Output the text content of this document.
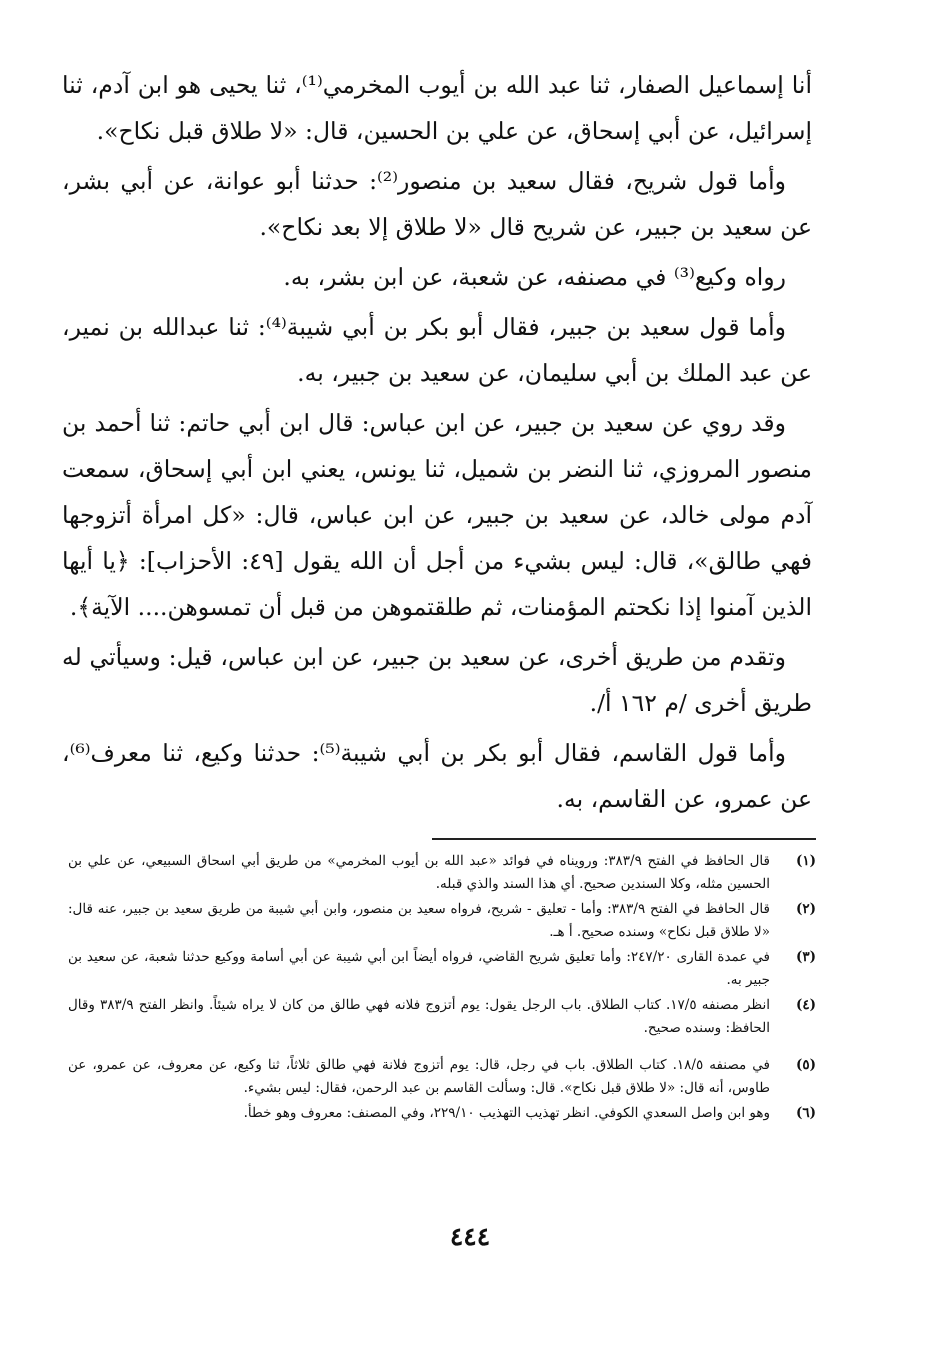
أنا إسماعيل الصفار، ثنا عبد الله بن أيوب المخرمي⁽¹⁾، ثنا يحيى هو ابن آدم، ثنا إسرائيل، عن أبي إسحاق، عن علي بن الحسين، قال: «لا طلاق قبل نكاح».

وأما قول شريح، فقال سعيد بن منصور⁽²⁾: حدثنا أبو عوانة، عن أبي بشر، عن سعيد بن جبير، عن شريح قال «لا طلاق إلا بعد نكاح».

رواه وكيع⁽³⁾ في مصنفه، عن شعبة، عن ابن بشر، به.

وأما قول سعيد بن جبير، فقال أبو بكر بن أبي شيبة⁽⁴⁾: ثنا عبدالله بن نمير، عن عبد الملك بن أبي سليمان، عن سعيد بن جبير، به.

وقد روي عن سعيد بن جبير، عن ابن عباس: قال ابن أبي حاتم: ثنا أحمد بن منصور المروزي، ثنا النضر بن شميل، ثنا يونس، يعني ابن أبي إسحاق، سمعت آدم مولى خالد، عن سعيد بن جبير، عن ابن عباس، قال: «كل امرأة أتزوجها فهي طالق»، قال: ليس بشيء من أجل أن الله يقول [٤٩: الأحزاب]: ﴿يا أيها الذين آمنوا إذا نكحتم المؤمنات، ثم طلقتموهن من قبل أن تمسوهن.... الآية﴾.

وتقدم من طريق أخرى، عن سعيد بن جبير، عن ابن عباس، قيل: وسيأتي له طريق أخرى /م ١٦٢ أ/.

وأما قول القاسم، فقال أبو بكر بن أبي شيبة⁽⁵⁾: حدثنا وكيع، ثنا معرف⁽⁶⁾، عن عمرو، عن القاسم، به.

(١)
قال الحافظ في الفتح ٣٨٣/٩: ورويناه في فوائد «عبد الله بن أيوب المخرمي» من طريق أبي اسحاق السبيعي، عن علي بن الحسين مثله، وكلا السندين صحيح. أي هذا السند والذي قبله.
(٢)
قال الحافظ في الفتح ٣٨٣/٩: وأما - تعليق - شريح، فرواه سعيد بن منصور، وابن أبي شيبة من طريق سعيد بن جبير، عنه قال: «لا طلاق قبل نكاح» وسنده صحيح. أ هـ.
(٣)
في عمدة القارى ٢٤٧/٢٠: وأما تعليق شريح القاضي، فرواه أيضاً ابن أبي شيبة عن أبي أسامة ووكيع حدثنا شعبة، عن سعيد بن جبير به.
(٤)
انظر مصنفه ١٧/٥. كتاب الطلاق. باب الرجل يقول: يوم أتزوج فلانه فهي طالق من كان لا يراه شيئاً. وانظر الفتح ٣٨٣/٩ وقال الحافظ: وسنده صحيح.
(٥)
في مصنفه ١٨/٥. كتاب الطلاق. باب في رجل، قال: يوم أتزوج فلانة فهي طالق ثلاثاً، ثنا وكيع، عن معروف، عن عمرو، عن طاوس، أنه قال: «لا طلاق قبل نكاح». قال: وسألت القاسم بن عبد الرحمن، فقال: ليس بشيء.
(٦)
وهو ابن واصل السعدي الكوفي. انظر تهذيب التهذيب ٢٢٩/١٠، وفي المصنف: معروف وهو خطأ.
٤٤٤
